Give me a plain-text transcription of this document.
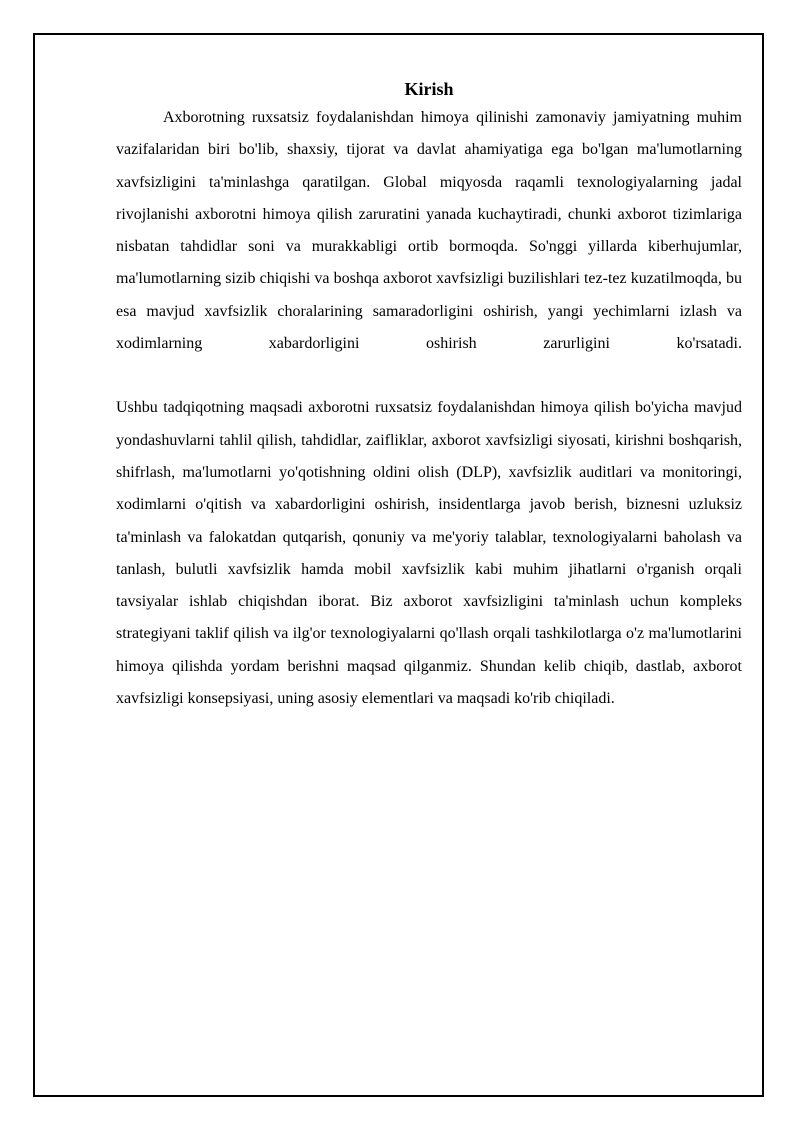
Kirish

Axborotning ruxsatsiz foydalanishdan himoya qilinishi zamonaviy jamiyatning muhim vazifalaridan biri bo'lib, shaxsiy, tijorat va davlat ahamiyatiga ega bo'lgan ma'lumotlarning xavfsizligini ta'minlashga qaratilgan. Global miqyosda raqamli texnologiyalarning jadal rivojlanishi axborotni himoya qilish zaruratini yanada kuchaytiradi, chunki axborot tizimlariga nisbatan tahdidlar soni va murakkabligi ortib bormoqda. So'nggi yillarda kiberhujumlar, ma'lumotlarning sizib chiqishi va boshqa axborot xavfsizligi buzilishlari tez-tez kuzatilmoqda, bu esa mavjud xavfsizlik choralarining samaradorligini oshirish, yangi yechimlarni izlash va xodimlarning xabardorligini oshirish zarurligini ko'rsatadi.

Ushbu tadqiqotning maqsadi axborotni ruxsatsiz foydalanishdan himoya qilish bo'yicha mavjud yondashuvlarni tahlil qilish, tahdidlar, zaifliklar, axborot xavfsizligi siyosati, kirishni boshqarish, shifrlash, ma'lumotlarni yo'qotishning oldini olish (DLP), xavfsizlik auditlari va monitoringi, xodimlarni o'qitish va xabardorligini oshirish, insidentlarga javob berish, biznesni uzluksiz ta'minlash va falokatdan qutqarish, qonuniy va me'yoriy talablar, texnologiyalarni baholash va tanlash, bulutli xavfsizlik hamda mobil xavfsizlik kabi muhim jihatlarni o'rganish orqali tavsiyalar ishlab chiqishdan iborat. Biz axborot xavfsizligini ta'minlash uchun kompleks strategiyani taklif qilish va ilg'or texnologiyalarni qo'llash orqali tashkilotlarga o'z ma'lumotlarini himoya qilishda yordam berishni maqsad qilganmiz. Shundan kelib chiqib, dastlab, axborot xavfsizligi konsepsiyasi, uning asosiy elementlari va maqsadi ko'rib chiqiladi.
